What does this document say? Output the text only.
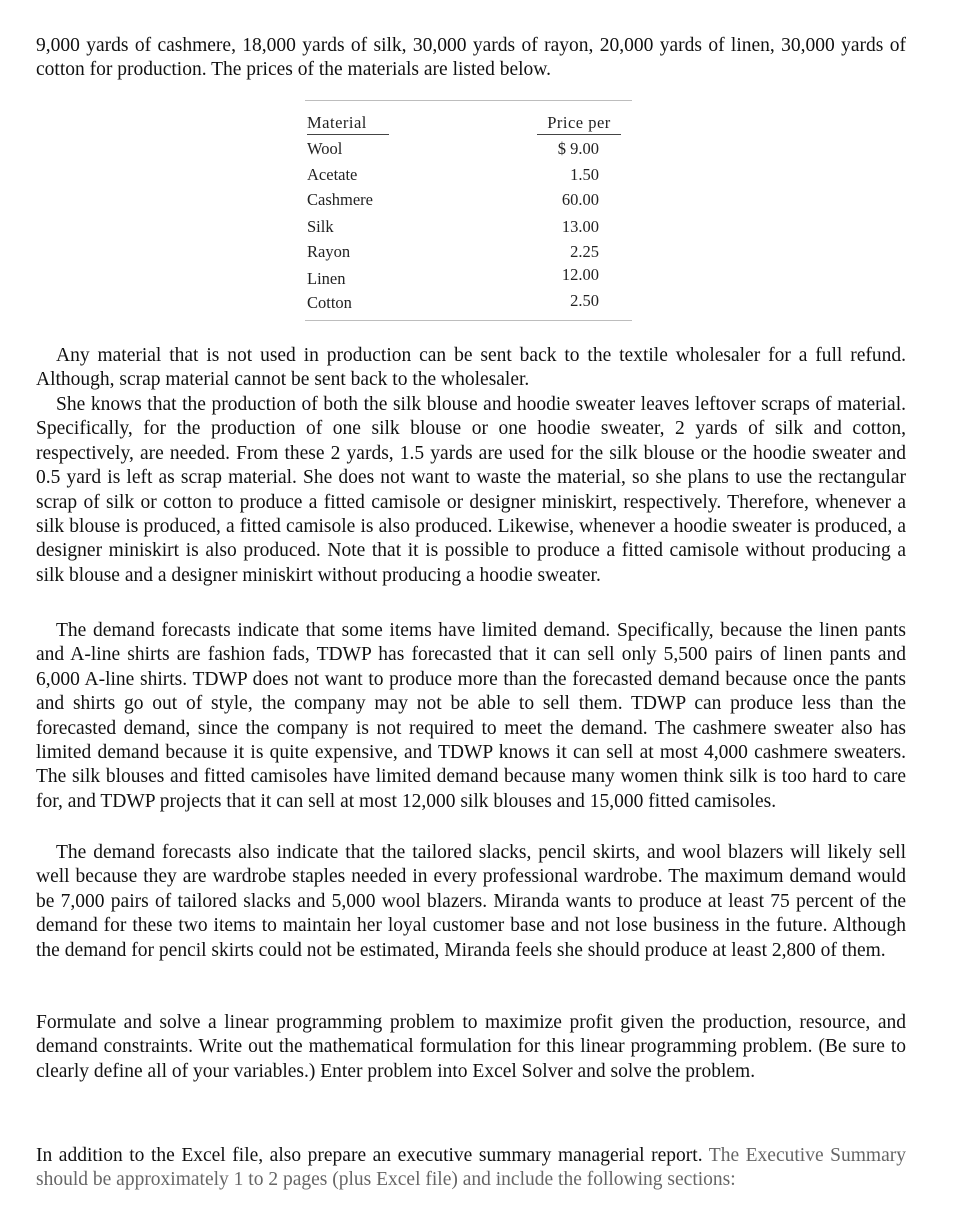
9,000 yards of cashmere, 18,000 yards of silk, 30,000 yards of rayon, 20,000 yards of linen, 30,000 yards of cotton for production. The prices of the materials are listed below.

Material	Price per
Wool	$ 9.00
Acetate	1.50
Cashmere	60.00
Silk	13.00
Rayon	2.25
Linen	12.00
Cotton	2.50

Any material that is not used in production can be sent back to the textile wholesaler for a full refund. Although, scrap material cannot be sent back to the wholesaler.

She knows that the production of both the silk blouse and hoodie sweater leaves leftover scraps of material. Specifically, for the production of one silk blouse or one hoodie sweater, 2 yards of silk and cotton, respectively, are needed. From these 2 yards, 1.5 yards are used for the silk blouse or the hoodie sweater and 0.5 yard is left as scrap material. She does not want to waste the material, so she plans to use the rectangular scrap of silk or cotton to produce a fitted camisole or designer miniskirt, respectively. Therefore, whenever a silk blouse is produced, a fitted camisole is also produced. Likewise, whenever a hoodie sweater is produced, a designer miniskirt is also produced. Note that it is possible to produce a fitted camisole without producing a silk blouse and a designer miniskirt without producing a hoodie sweater.

The demand forecasts indicate that some items have limited demand. Specifically, because the linen pants and A-line shirts are fashion fads, TDWP has forecasted that it can sell only 5,500 pairs of linen pants and 6,000 A-line shirts. TDWP does not want to produce more than the forecasted demand because once the pants and shirts go out of style, the company may not be able to sell them. TDWP can produce less than the forecasted demand, since the company is not required to meet the demand. The cashmere sweater also has limited demand because it is quite expensive, and TDWP knows it can sell at most 4,000 cashmere sweaters. The silk blouses and fitted camisoles have limited demand because many women think silk is too hard to care for, and TDWP projects that it can sell at most 12,000 silk blouses and 15,000 fitted camisoles.

The demand forecasts also indicate that the tailored slacks, pencil skirts, and wool blazers will likely sell well because they are wardrobe staples needed in every professional wardrobe. The maximum demand would be 7,000 pairs of tailored slacks and 5,000 wool blazers. Miranda wants to produce at least 75 percent of the demand for these two items to maintain her loyal customer base and not lose business in the future. Although the demand for pencil skirts could not be estimated, Miranda feels she should produce at least 2,800 of them.

Formulate and solve a linear programming problem to maximize profit given the production, resource, and demand constraints. Write out the mathematical formulation for this linear programming problem. (Be sure to clearly define all of your variables.) Enter problem into Excel Solver and solve the problem.

In addition to the Excel file, also prepare an executive summary managerial report. The Executive Summary should be approximately 1 to 2 pages (plus Excel file) and include the following sections:
